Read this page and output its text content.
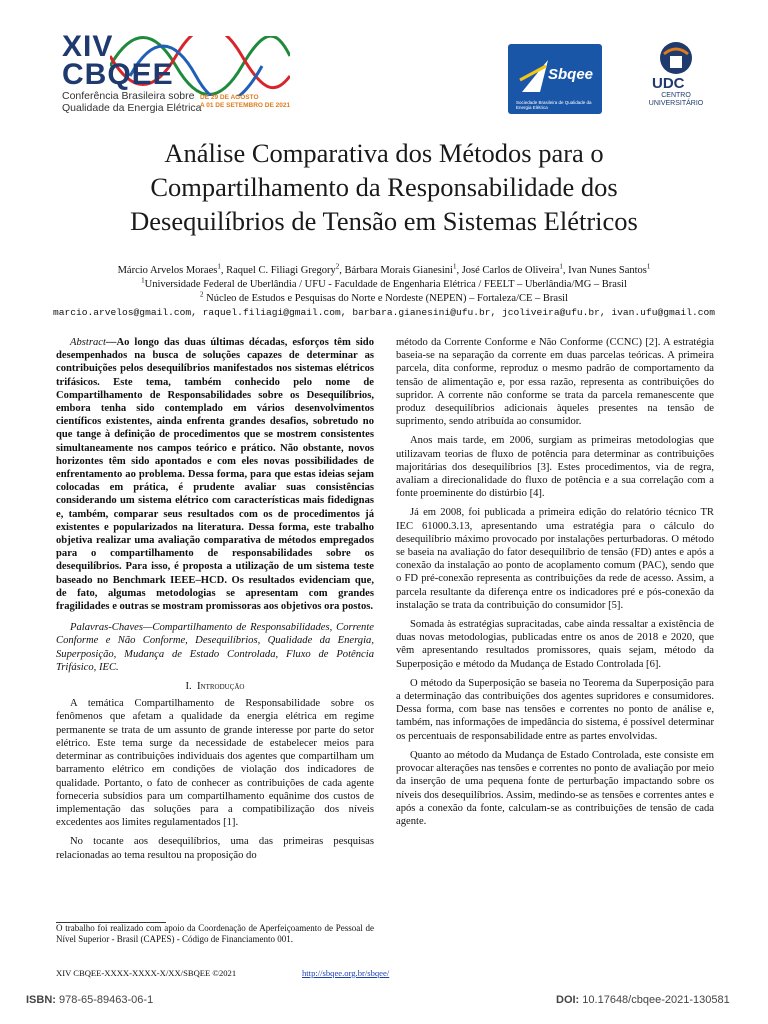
XIV
CBQEE
Conferência Brasileira sobre
Qualidade da Energia Elétrica
DE 29 DE AGOSTO
A 01 DE SETEMBRO DE 2021
Sbqee
Sociedade Brasileira de Qualidade da Energia Elétrica
UDC
CENTRO
UNIVERSITÁRIO
Análise Comparativa dos Métodos para o
Compartilhamento da Responsabilidade dos
Desequilíbrios de Tensão em Sistemas Elétricos
Márcio Arvelos Moraes$^1$, Raquel C. Filiagi Gregory$^2$, Bárbara Morais Gianesini$^1$, José Carlos de Oliveira$^1$, Ivan Nunes Santos$^1$
$^1$Universidade Federal de Uberlândia / UFU - Faculdade de Engenharia Elétrica / FEELT – Uberlândia/MG – Brasil
$^2$ Núcleo de Estudos e Pesquisas do Norte e Nordeste (NEPEN) – Fortaleza/CE – Brasil
marcio.arvelos@gmail.com, raquel.filiagi@gmail.com, barbara.gianesini@ufu.br, jcoliveira@ufu.br, ivan.ufu@gmail.com

Abstract—Ao longo das duas últimas décadas, esforços têm sido desempenhados na busca de soluções capazes de determinar as contribuições pelos desequilíbrios manifestados nos sistemas elétricos trifásicos. Este tema, também conhecido pelo nome de Compartilhamento de Responsabilidades sobre os Desequilíbrios, embora tenha sido contemplado em vários desenvolvimentos científicos existentes, ainda enfrenta grandes desafios, sobretudo no que tange à definição de procedimentos que se mostrem consistentes simultaneamente nos campos teórico e prático. Não obstante, novos horizontes têm sido apontados e com eles novas possibilidades de enfrentamento ao problema. Dessa forma, para que estas ideias sejam colocadas em prática, é prudente avaliar suas consistências considerando um sistema elétrico com características mais fidedignas e, também, comparar seus resultados com os de procedimentos já existentes e popularizados na literatura. Dessa forma, este trabalho objetiva realizar uma avaliação comparativa de métodos empregados para o compartilhamento de responsabilidades sobre os desequilíbrios. Para isso, é proposta a utilização de um sistema teste baseado no Benchmark IEEE–HCD. Os resultados evidenciam que, de fato, algumas metodologias se apresentam com grandes fragilidades e outras se mostram promissoras aos objetivos ora postos.

Palavras-Chaves—Compartilhamento de Responsabilidades, Corrente Conforme e Não Conforme, Desequilíbrios, Qualidade da Energia, Superposição, Mudança de Estado Controlada, Fluxo de Potência Trifásico, IEC.

I. Introdução

A temática Compartilhamento de Responsabilidade sobre os fenômenos que afetam a qualidade da energia elétrica em regime permanente se trata de um assunto de grande interesse por parte do setor elétrico. Este tema surge da necessidade de estabelecer meios para determinar as contribuições individuais dos agentes que compartilham um barramento elétrico em condições de violação dos indicadores de qualidade. Portanto, o fato de conhecer as contribuições de cada agente forneceria subsídios para um compartilhamento equânime dos custos de implementação das soluções para a compatibilização dos níveis excedentes aos limites regulamentados [1].

No tocante aos desequilíbrios, uma das primeiras pesquisas relacionadas ao tema resultou na proposição do

O trabalho foi realizado com apoio da Coordenação de Aperfeiçoamento de Pessoal de Nível Superior - Brasil (CAPES) - Código de Financiamento 001.

método da Corrente Conforme e Não Conforme (CCNC) [2]. A estratégia baseia-se na separação da corrente em duas parcelas teóricas. A primeira parcela, dita conforme, reproduz o mesmo padrão de comportamento da tensão de alimentação e, por essa razão, representa as contribuições do supridor. A corrente não conforme se trata da parcela remanescente que produz desequilíbrios adicionais àqueles presentes na tensão de suprimento, sendo atribuída ao consumidor.

Anos mais tarde, em 2006, surgiam as primeiras metodologias que utilizavam teorias de fluxo de potência para determinar as contribuições majoritárias dos desequilíbrios [3]. Estes procedimentos, via de regra, avaliam a direcionalidade do fluxo de potência e a sua correlação com a fonte proeminente do distúrbio [4].

Já em 2008, foi publicada a primeira edição do relatório técnico TR IEC 61000.3.13, apresentando uma estratégia para o cálculo do desequilíbrio máximo provocado por instalações perturbadoras. O método se baseia na avaliação do fator desequilíbrio de tensão (FD) antes e após a conexão da instalação ao ponto de acoplamento comum (PAC), sendo que o FD pré-conexão representa as contribuições da rede de acesso. Assim, a parcela resultante da diferença entre os indicadores pré e pós-conexão da instalação se trata da contribuição do consumidor [5].

Somada às estratégias supracitadas, cabe ainda ressaltar a existência de duas novas metodologias, publicadas entre os anos de 2018 e 2020, que vêm apresentando resultados promissores, quais sejam, método da Superposição e método da Mudança de Estado Controlada [6].

O método da Superposição se baseia no Teorema da Superposição para a determinação das contribuições dos agentes supridores e consumidores. Dessa forma, com base nas tensões e correntes no ponto de análise e, também, nas informações de impedância do sistema, é possível determinar os percentuais de responsabilidade entre as partes envolvidas.

Quanto ao método da Mudança de Estado Controlada, este consiste em provocar alterações nas tensões e correntes no ponto de avaliação por meio da inserção de uma pequena fonte de perturbação impactando sobre os níveis dos desequilíbrios. Assim, medindo-se as tensões e correntes antes e após a conexão da fonte, calculam-se as contribuições de tensão de cada agente.

XIV CBQEE-XXXX-XXXX-X/XX/SBQEE ©2021	http://sbqee.org.br/sbqee/
ISBN: 978-65-89463-06-1	DOI: 10.17648/cbqee-2021-130581
